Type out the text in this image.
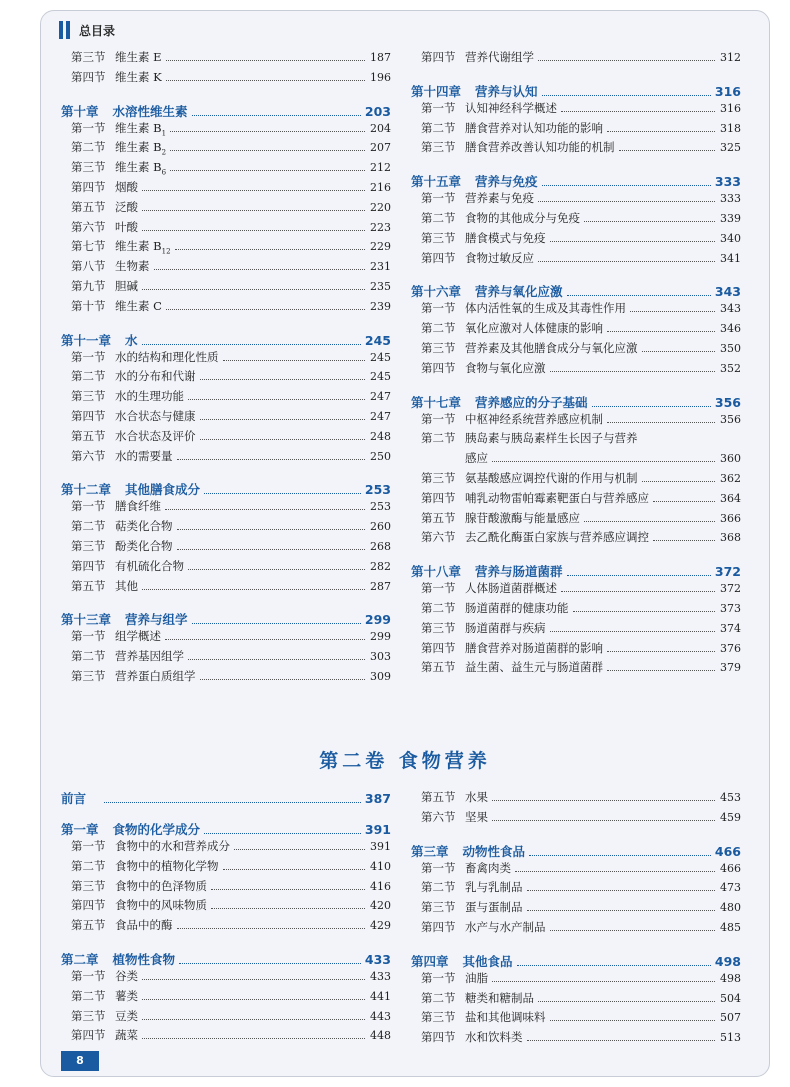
总目录
第三节 维生素 E	187
第四节 维生素 K	196
第十章 水溶性维生素	203
第一节 维生素 $B_1$	204
第二节 维生素 $B_2$	207
第三节 维生素 $B_6$	212
第四节 烟酸	216
第五节 泛酸	220
第六节 叶酸	223
第七节 维生素 $B_{12}$	229
第八节 生物素	231
第九节 胆碱	235
第十节 维生素 C	239
第十一章 水	245
第一节 水的结构和理化性质	245
第二节 水的分布和代谢	245
第三节 水的生理功能	247
第四节 水合状态与健康	247
第五节 水合状态及评价	248
第六节 水的需要量	250
第十二章 其他膳食成分	253
第一节 膳食纤维	253
第二节 萜类化合物	260
第三节 酚类化合物	268
第四节 有机硫化合物	282
第五节 其他	287
第十三章 营养与组学	299
第一节 组学概述	299
第二节 营养基因组学	303
第三节 营养蛋白质组学	309
第四节 营养代谢组学	312
第十四章 营养与认知	316
第一节 认知神经科学概述	316
第二节 膳食营养对认知功能的影响	318
第三节 膳食营养改善认知功能的机制	325
第十五章 营养与免疫	333
第一节 营养素与免疫	333
第二节 食物的其他成分与免疫	339
第三节 膳食模式与免疫	340
第四节 食物过敏反应	341
第十六章 营养与氧化应激	343
第一节 体内活性氧的生成及其毒性作用	343
第二节 氧化应激对人体健康的影响	346
第三节 营养素及其他膳食成分与氧化应激	350
第四节 食物与氧化应激	352
第十七章 营养感应的分子基础	356
第一节 中枢神经系统营养感应机制	356
第二节 胰岛素与胰岛素样生长因子与营养
感应	360
第三节 氨基酸感应调控代谢的作用与机制	362
第四节 哺乳动物雷帕霉素靶蛋白与营养感应	364
第五节 腺苷酸激酶与能量感应	366
第六节 去乙酰化酶蛋白家族与营养感应调控	368
第十八章 营养与肠道菌群	372
第一节 人体肠道菌群概述	372
第二节 肠道菌群的健康功能	373
第三节 肠道菌群与疾病	374
第四节 膳食营养对肠道菌群的影响	376
第五节 益生菌、益生元与肠道菌群	379
第二卷 食物营养
前言	387
第一章 食物的化学成分	391
第一节 食物中的水和营养成分	391
第二节 食物中的植物化学物	410
第三节 食物中的色泽物质	416
第四节 食物中的风味物质	420
第五节 食品中的酶	429
第二章 植物性食物	433
第一节 谷类	433
第二节 薯类	441
第三节 豆类	443
第四节 蔬菜	448
第五节 水果	453
第六节 坚果	459
第三章 动物性食品	466
第一节 畜禽肉类	466
第二节 乳与乳制品	473
第三节 蛋与蛋制品	480
第四节 水产与水产制品	485
第四章 其他食品	498
第一节 油脂	498
第二节 糖类和糖制品	504
第三节 盐和其他调味料	507
第四节 水和饮料类	513
8
